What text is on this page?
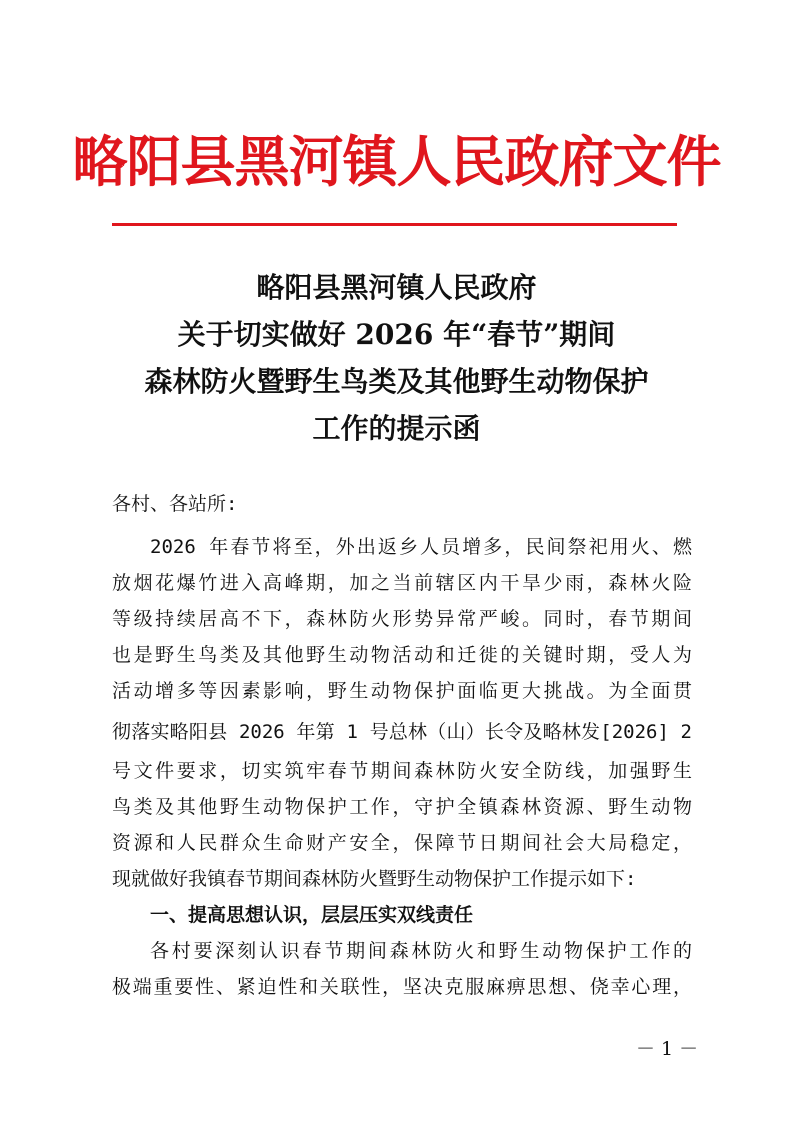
略阳县黑河镇人民政府文件
略阳县黑河镇人民政府
关于切实做好 2026 年“春节”期间
森林防火暨野生鸟类及其他野生动物保护
工作的提示函
各村、各站所:
2026 年春节将至，外出返乡人员增多，民间祭祀用火、燃
放烟花爆竹进入高峰期，加之当前辖区内干旱少雨，森林火险
等级持续居高不下，森林防火形势异常严峻。同时，春节期间
也是野生鸟类及其他野生动物活动和迁徙的关键时期，受人为
活动增多等因素影响，野生动物保护面临更大挑战。为全面贯
彻落实略阳县 2026 年第 1 号总林（山）长令及略林发[2026] 2
号文件要求，切实筑牢春节期间森林防火安全防线，加强野生
鸟类及其他野生动物保护工作，守护全镇森林资源、野生动物
资源和人民群众生命财产安全，保障节日期间社会大局稳定，
现就做好我镇春节期间森林防火暨野生动物保护工作提示如下:
一、提高思想认识，层层压实双线责任
各村要深刻认识春节期间森林防火和野生动物保护工作的
极端重要性、紧迫性和关联性，坚决克服麻痹思想、侥幸心理，
－ 1 －
